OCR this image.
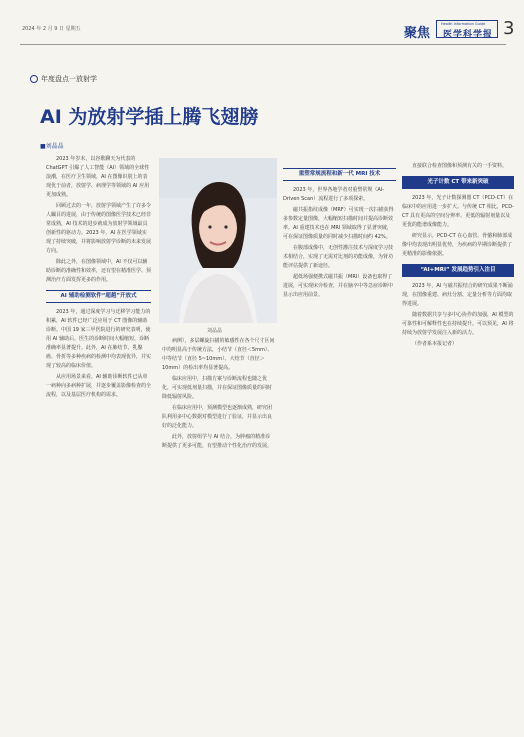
2024 年 2 月 9 日 星期五	聚焦
Health Information Guide
医学科学报 3
年度盘点一放射学
AI 为放射学插上腾飞翅膀
■刘晶晶
刘晶晶

2023 年岁末，以谷歌聊天为代表的 ChatGPT 引爆了人工智能（AI）领域的全球性浪潮，在医疗卫生领域，AI 在图像识别上的表现优于前者，放射学、病理学等领域的 AI 应用更加成熟。

回顾过去的一年，放射学领域产生了许多令人瞩目的进展，由于传统的图像医学技术已经非常成熟，AI 技术的进步就成为放射学领域最具创新性的驱动力。2023 年，AI 在医学领域实现了持续突破，并将影响放射学诊断的未来发展方向。

除此之外，在图像领域中，AI 不仅可以辅助诊断的准确性和效率，还有望在精准医学、预测治疗方面发挥更多的作用。

AI 辅助检测软件“超越”开放式

2023 年，通过深度学习与迁移学习能力的积累，AI 软件已经广泛应用于 CT 图像的辅助诊断。中国 19 家三甲医院进行的研究表明，使用 AI 辅助后，医生的诊断时间大幅缩短，诊断准确率显著提升。此外，AI 在肺结节、乳腺癌、骨折等多种疾病的检测中均表现优异，并实现了较高的临床价值。

从应用场景来看，AI 辅助诊断软件已从单一病种向多病种扩展，并逐步覆盖影像检查的全流程，以及基层医疗机构的需求。

病例），多层螺旋扫描的敏感性在各个尺寸区间中均明显高于传统方法，小结节（直径＜5mm）、中等结节（直径 5~10mm）、大结节（直径＞10mm）的检出率均显著提高。

临床应用中，扫描方案与诊断流程也随之优化，可实现低剂量扫描，并在保证图像质量的同时降低辐射风险。

在临床应用中，预测模型也逐渐成熟，研究团队利用多中心数据对模型进行了验证，并显示出良好的泛化能力。

此外，放射组学与 AI 结合，为肿瘤的精准诊断提供了更多可能，有望推动个性化治疗的发展。

重塑常规流程和新一代 MRI 技术

2023 年，世界各地学者对重塑常规（AI-Driven Scan）流程进行了多项探索。

磁共振指纹成像（MRF）可实现一次扫描获得多参数定量图像，大幅缩短扫描时间并提高诊断效率。AI 重建技术也在 MRI 领域取得了显著突破，可在保证图像质量的同时减少扫描时间约 42%。

在腹部成像中，无创性灌注技术与深度学习技术相结合，实现了无需对比剂的功能成像，为肾功能评估提供了新途径。

超低场强便携式磁共振（MRI）设备也取得了进展，可实现床旁检查，并在脑卒中等急症诊断中显示出应用前景。

直接联合检查图像和预测有关的一手资料。

光子计数 CT 带来新突破

2023 年，光子计数探测器 CT（PCD-CT）在临床中的应用进一步扩大。与传统 CT 相比，PCD-CT 具有更高的空间分辨率、更低的辐射剂量以及更优的能谱成像能力。

研究显示，PCD-CT 在心血管、骨骼和肺部成像中均表现出明显优势，为疾病的早期诊断提供了更精准的影像依据。

“AI+MRI” 发展趋势引入注目

2023 年，AI 与磁共振结合的研究成果不断涌现，在图像重建、病灶分割、定量分析等方面均取得进展。

随着数据共享与多中心协作的加强，AI 模型的可靠性和可解释性也在持续提升。可以预见，AI 将持续为放射学发展注入新的活力。

（作者系本报记者）
